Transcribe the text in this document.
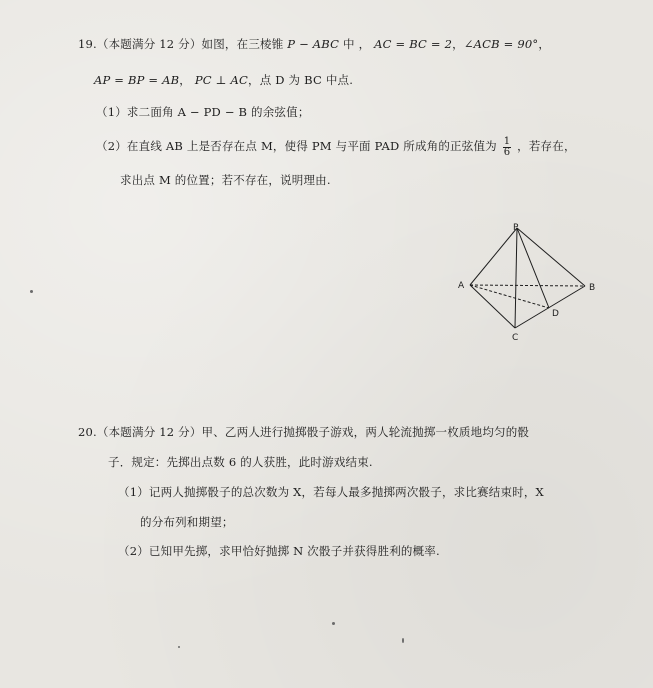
19.（本题满分 12 分）如图，在三棱锥 P − ABC 中 ， AC = BC = 2，∠ACB = 90°，
AP = BP = AB， PC ⊥ AC，点 D 为 BC 中点.
（1）求二面角 A − PD − B 的余弦值；
（2）在直线 AB 上是否存在点 M，使得 PM 与平面 PAD 所成角的正弦值为 $\frac{1}{6}$ ，若存在，
求出点 M 的位置；若不存在，说明理由.
P
A	B
C
D
20.（本题满分 12 分）甲、乙两人进行抛掷骰子游戏，两人轮流抛掷一枚质地均匀的骰
子．规定：先掷出点数 6 的人获胜，此时游戏结束.
（1）记两人抛掷骰子的总次数为 X，若每人最多抛掷两次骰子，求比赛结束时，X
的分布列和期望；
（2）已知甲先掷，求甲恰好抛掷 N 次骰子并获得胜利的概率.
